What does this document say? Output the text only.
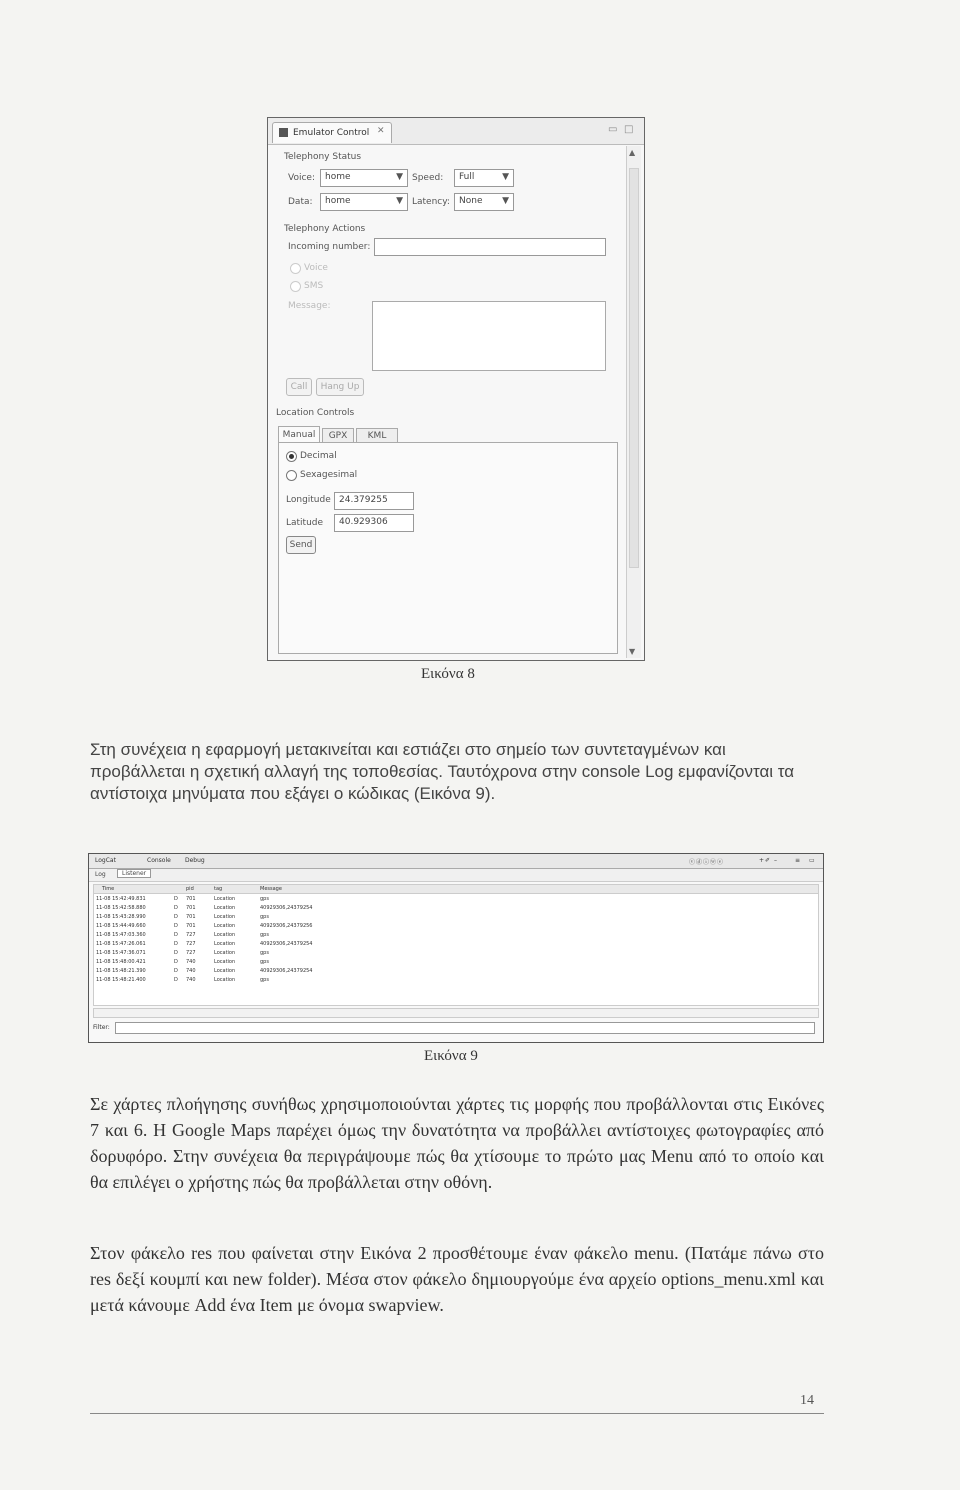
Emulator Control ✕	▭ □
▲
▼
Telephony Status
Voice: home	▼ Speed: Full	▼
Data: home	▼ Latency: None ▼
Telephony Actions
Incoming number:
Voice
SMS
Message:
Call	Hang Up
Location Controls
Manual	GPX	KML
Decimal
Sexagesimal
Longitude 24.379255
Latitude 40.929306
Send
Εικόνα 8

Στη συνέχεια η εφαρμογή μετακινείται και εστιάζει στο σημείο των συντεταγμένων και προβάλλεται η σχετική αλλαγή της τοποθεσίας. Ταυτόχρονα στην console Log εμφανίζονται τα αντίστοιχα μηνύματα που εξάγει ο κώδικας (Εικόνα 9).

LogCat	Console Debug	ⓥⓓⓘⓦⓔ	+✐ –	≡ ▭
Log	Listener
Time	pid	tag	Message
11-08 15:42:49.831	D 701	Location	gps
11-08 15:42:58.880	D 701	Location	40929306,24379254
11-08 15:43:28.990	D 701	Location	gps
11-08 15:44:49.660	D 701	Location	40929306,24379256
11-08 15:47:03.360	D 727	Location	gps
11-08 15:47:26.061	D 727	Location	40929306,24379254
11-08 15:47:36.071	D 727	Location	gps
11-08 15:48:00.421	D 740	Location	gps
11-08 15:48:21.390	D 740	Location	40929306,24379254
11-08 15:48:21.400	D 740	Location	gps
Filter:
Εικόνα 9

Σε χάρτες πλοήγησης συνήθως χρησιμοποιούνται χάρτες τις μορφής που προβάλλονται στις Εικόνες 7 και 6. Η Google Maps παρέχει όμως την δυνατότητα να προβάλλει αντίστοιχες φωτογραφίες από δορυφόρο. Στην συνέχεια θα περιγράψουμε πώς θα χτίσουμε το πρώτο μας Menu από το οποίο και θα επιλέγει ο χρήστης πώς θα προβάλλεται στην οθόνη.

Στον φάκελο res που φαίνεται στην Εικόνα 2 προσθέτουμε έναν φάκελο menu. (Πατάμε πάνω στο res δεξί κουμπί και new folder). Μέσα στον φάκελο δημιουργούμε ένα αρχείο options_menu.xml και μετά κάνουμε Add ένα Item με όνομα swapview.

14
